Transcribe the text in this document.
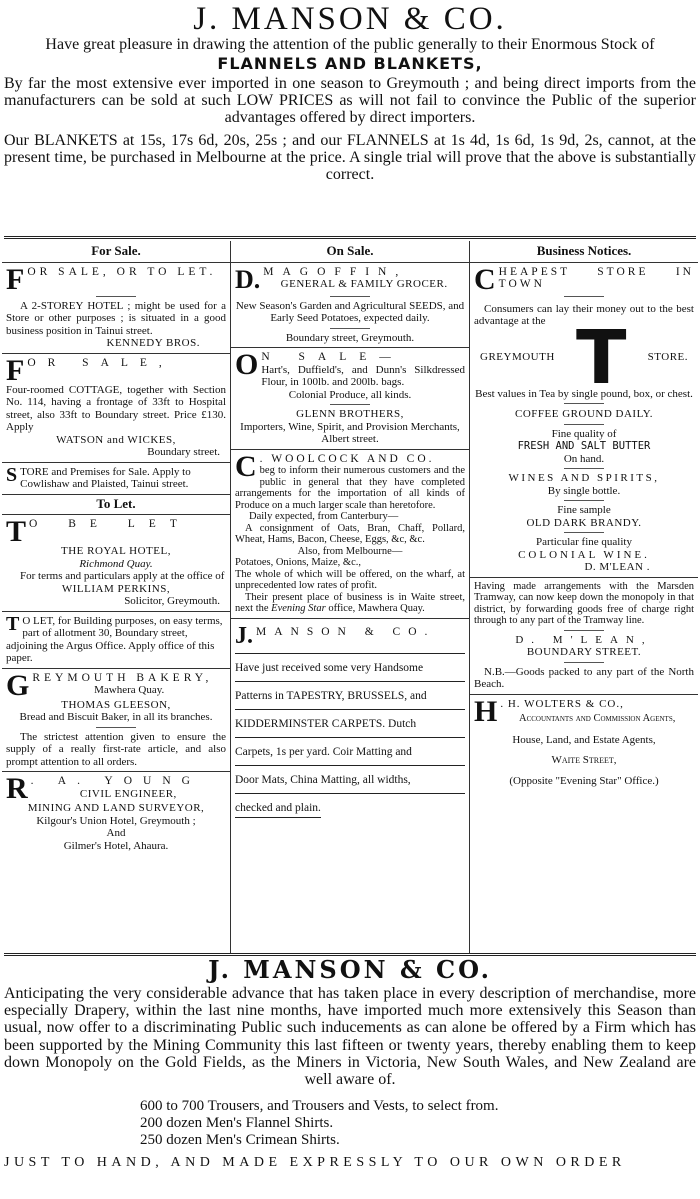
J. MANSON & CO.
Have great pleasure in drawing the attention of the public generally to their Enormous Stock of
FLANNELS AND BLANKETS,
By far the most extensive ever imported in one season to Greymouth ; and being direct imports from the manufacturers can be sold at such LOW PRICES as will not fail to convince the Public of the superior advantages offered by direct importers.
Our BLANKETS at 15s, 17s 6d, 20s, 25s ; and our FLANNELS at 1s 4d, 1s 6d, 1s 9d, 2s, cannot, at the present time, be purchased in Melbourne at the price. A single trial will prove that the above is substantially correct.
For Sale.
F OR SALE, OR TO LET.
A 2-STOREY HOTEL ; might be used for a Store or other purposes ; is situated in a good business position in Tainui street.
KENNEDY BROS.
F OR SALE,
Four-roomed COTTAGE, together with Section No. 114, having a frontage of 33ft to Hospital street, also 33ft to Boundary street. Price £130. Apply
WATSON and WICKES,
Boundary street.
S TORE and Premises for Sale. Apply to Cowlishaw and Plaisted, Tainui street.
To Let.
T O BE LET
THE ROYAL HOTEL,
Richmond Quay.
For terms and particulars apply at the office of
WILLIAM PERKINS,
Solicitor, Greymouth.
T O LET, for Building purposes, on easy terms, part of allotment 30, Boundary street, adjoining the Argus Office. Apply office of this paper.
G REYMOUTH BAKERY,
Mawhera Quay.
THOMAS GLEESON,
Bread and Biscuit Baker, in all its branches.
The strictest attention given to ensure the supply of a really first-rate article, and also prompt attention to all orders.
R . A. YOUNG
CIVIL ENGINEER,
MINING AND LAND SURVEYOR,
Kilgour's Union Hotel, Greymouth ;
And
Gilmer's Hotel, Ahaura.
On Sale.
D. MAGOFFIN,
GENERAL & FAMILY GROCER.
New Season's Garden and Agricultural SEEDS, and
Early Seed Potatoes, expected daily.
Boundary street, Greymouth.
O N SALE—
Hart's, Duffield's, and Dunn's Silkdressed Flour, in 100lb. and 200lb. bags.
Colonial Produce, all kinds.
GLENN BROTHERS,
Importers, Wine, Spirit, and Provision Merchants, Albert street.
C . WOOLCOCK AND CO.
beg to inform their numerous customers and the public in general that they have completed arrangements for the importation of all kinds of Produce on a much larger scale than heretofore.
Daily expected, from Canterbury—
A consignment of Oats, Bran, Chaff, Pollard, Wheat, Hams, Bacon, Cheese, Eggs, &c, &c.
Also, from Melbourne—
Potatoes, Onions, Maize, &c.,
The whole of which will be offered, on the wharf, at unprecedented low rates of profit.
Their present place of business is in Waite street, next the Evening Star office, Mawhera Quay.
J. MANSON & CO.
Have just received some very Handsome
Patterns in TAPESTRY, BRUSSELS, and
KIDDERMINSTER CARPETS. Dutch
Carpets, 1s per yard. Coir Matting and
Door Mats, China Matting, all widths,
checked and plain.
Business Notices.
C HEAPEST STORE IN TOWN
Consumers can lay their money out to the best advantage at the
GREYMOUTH T STORE.
Best values in Tea by single pound, box, or chest.
COFFEE GROUND DAILY.
Fine quality of
FRESH AND SALT BUTTER
On hand.
WINES AND SPIRITS,
By single bottle.
Fine sample
OLD DARK BRANDY.
Particular fine quality
COLONIAL WINE.
D. M'LEAN .
Having made arrangements with the Marsden Tramway, can now keep down the monopoly in that district, by forwarding goods free of charge right through to any part of the Tramway line.
D. M'LEAN,
BOUNDARY STREET.
N.B.—Goods packed to any part of the North Beach.
H . H. WOLTERS & CO.,
Accountants and Commission Agents,
House, Land, and Estate Agents,
Waite Street,
(Opposite "Evening Star" Office.)
J. MANSON & CO.
Anticipating the very considerable advance that has taken place in every description of merchandise, more especially Drapery, within the last nine months, have imported much more extensively this Season than usual, now offer to a discriminating Public such inducements as can alone be offered by a Firm which has been supported by the Mining Community this last fifteen or twenty years, thereby enabling them to keep down Monopoly on the Gold Fields, as the Miners in Victoria, New South Wales, and New Zealand are well aware of.
600 to 700 Trousers, and Trousers and Vests, to select from.
200 dozen Men's Flannel Shirts.
250 dozen Men's Crimean Shirts.
JUST TO HAND, AND MADE EXPRESSLY TO OUR OWN ORDER
